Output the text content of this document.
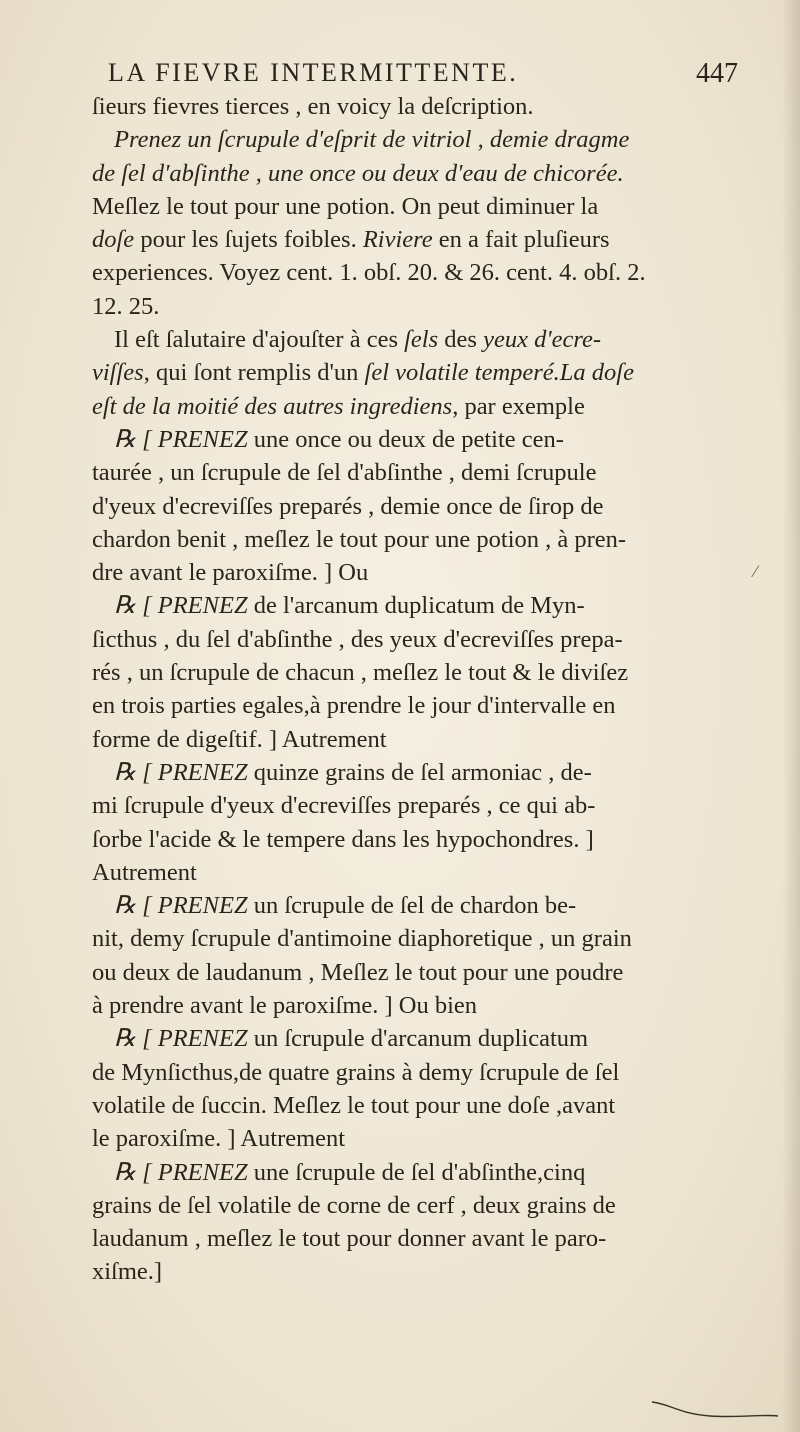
LA FIEVRE INTERMITTENTE.	447
ſieurs fievres tierces , en voicy la deſcription.
Prenez un ſcrupule d'eſprit de vitriol , demie dragme
de ſel d'abſinthe , une once ou deux d'eau de chicorée.
Meſlez le tout pour une potion. On peut diminuer la
doſe pour les ſujets foibles. Riviere en a fait pluſieurs
experiences. Voyez cent. 1. obſ. 20. & 26. cent. 4. obſ. 2.
12. 25.
Il eſt ſalutaire d'ajouſter à ces ſels des yeux d'ecre-
viſſes, qui ſont remplis d'un ſel volatile temperé.La doſe
eſt de la moitié des autres ingrediens, par exemple
℞ [ PRENEZ une once ou deux de petite cen-
taurée , un ſcrupule de ſel d'abſinthe , demi ſcrupule
d'yeux d'ecreviſſes preparés , demie once de ſirop de
chardon benit , meſlez le tout pour une potion , à pren-
dre avant le paroxiſme. ] Ou
℞ [ PRENEZ de l'arcanum duplicatum de Myn-
ſicthus , du ſel d'abſinthe , des yeux d'ecreviſſes prepa-
rés , un ſcrupule de chacun , meſlez le tout & le diviſez
en trois parties egales,à prendre le jour d'intervalle en
forme de digeſtif. ] Autrement
℞ [ PRENEZ quinze grains de ſel armoniac , de-
mi ſcrupule d'yeux d'ecreviſſes preparés , ce qui ab-
ſorbe l'acide & le tempere dans les hypochondres. ]
Autrement
℞ [ PRENEZ un ſcrupule de ſel de chardon be-
nit, demy ſcrupule d'antimoine diaphoretique , un grain
ou deux de laudanum , Meſlez le tout pour une poudre
à prendre avant le paroxiſme. ] Ou bien
℞ [ PRENEZ un ſcrupule d'arcanum duplicatum
de Mynſicthus,de quatre grains à demy ſcrupule de ſel
volatile de ſuccin. Meſlez le tout pour une doſe ,avant
le paroxiſme. ] Autrement
℞ [ PRENEZ une ſcrupule de ſel d'abſinthe,cinq
grains de ſel volatile de corne de cerf , deux grains de
laudanum , meſlez le tout pour donner avant le paro-
xiſme.]
⁄
